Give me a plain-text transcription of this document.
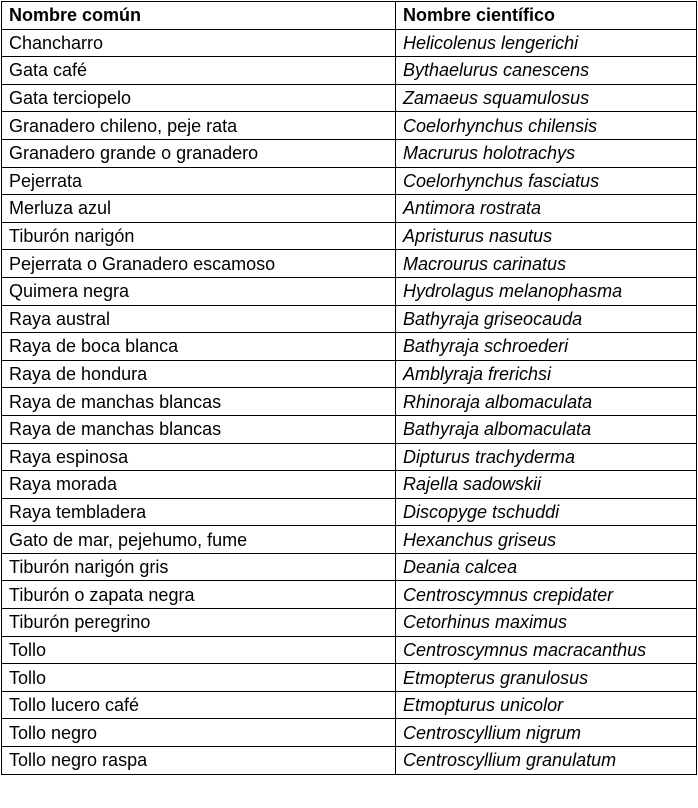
Nombre común	Nombre científico
Chancharro	Helicolenus lengerichi
Gata café	Bythaelurus canescens
Gata terciopelo	Zamaeus squamulosus
Granadero chileno, peje rata	Coelorhynchus chilensis
Granadero grande o granadero	Macrurus holotrachys
Pejerrata	Coelorhynchus fasciatus
Merluza azul	Antimora rostrata
Tiburón narigón	Apristurus nasutus
Pejerrata o Granadero escamoso	Macrourus carinatus
Quimera negra	Hydrolagus melanophasma
Raya austral	Bathyraja griseocauda
Raya de boca blanca	Bathyraja schroederi
Raya de hondura	Amblyraja frerichsi
Raya de manchas blancas	Rhinoraja albomaculata
Raya de manchas blancas	Bathyraja albomaculata
Raya espinosa	Dipturus trachyderma
Raya morada	Rajella sadowskii
Raya tembladera	Discopyge tschuddi
Gato de mar, pejehumo, fume	Hexanchus griseus
Tiburón narigón gris	Deania calcea
Tiburón o zapata negra	Centroscymnus crepidater
Tiburón peregrino	Cetorhinus maximus
Tollo	Centroscymnus macracanthus
Tollo	Etmopterus granulosus
Tollo lucero café	Etmopturus unicolor
Tollo negro	Centroscyllium nigrum
Tollo negro raspa	Centroscyllium granulatum
